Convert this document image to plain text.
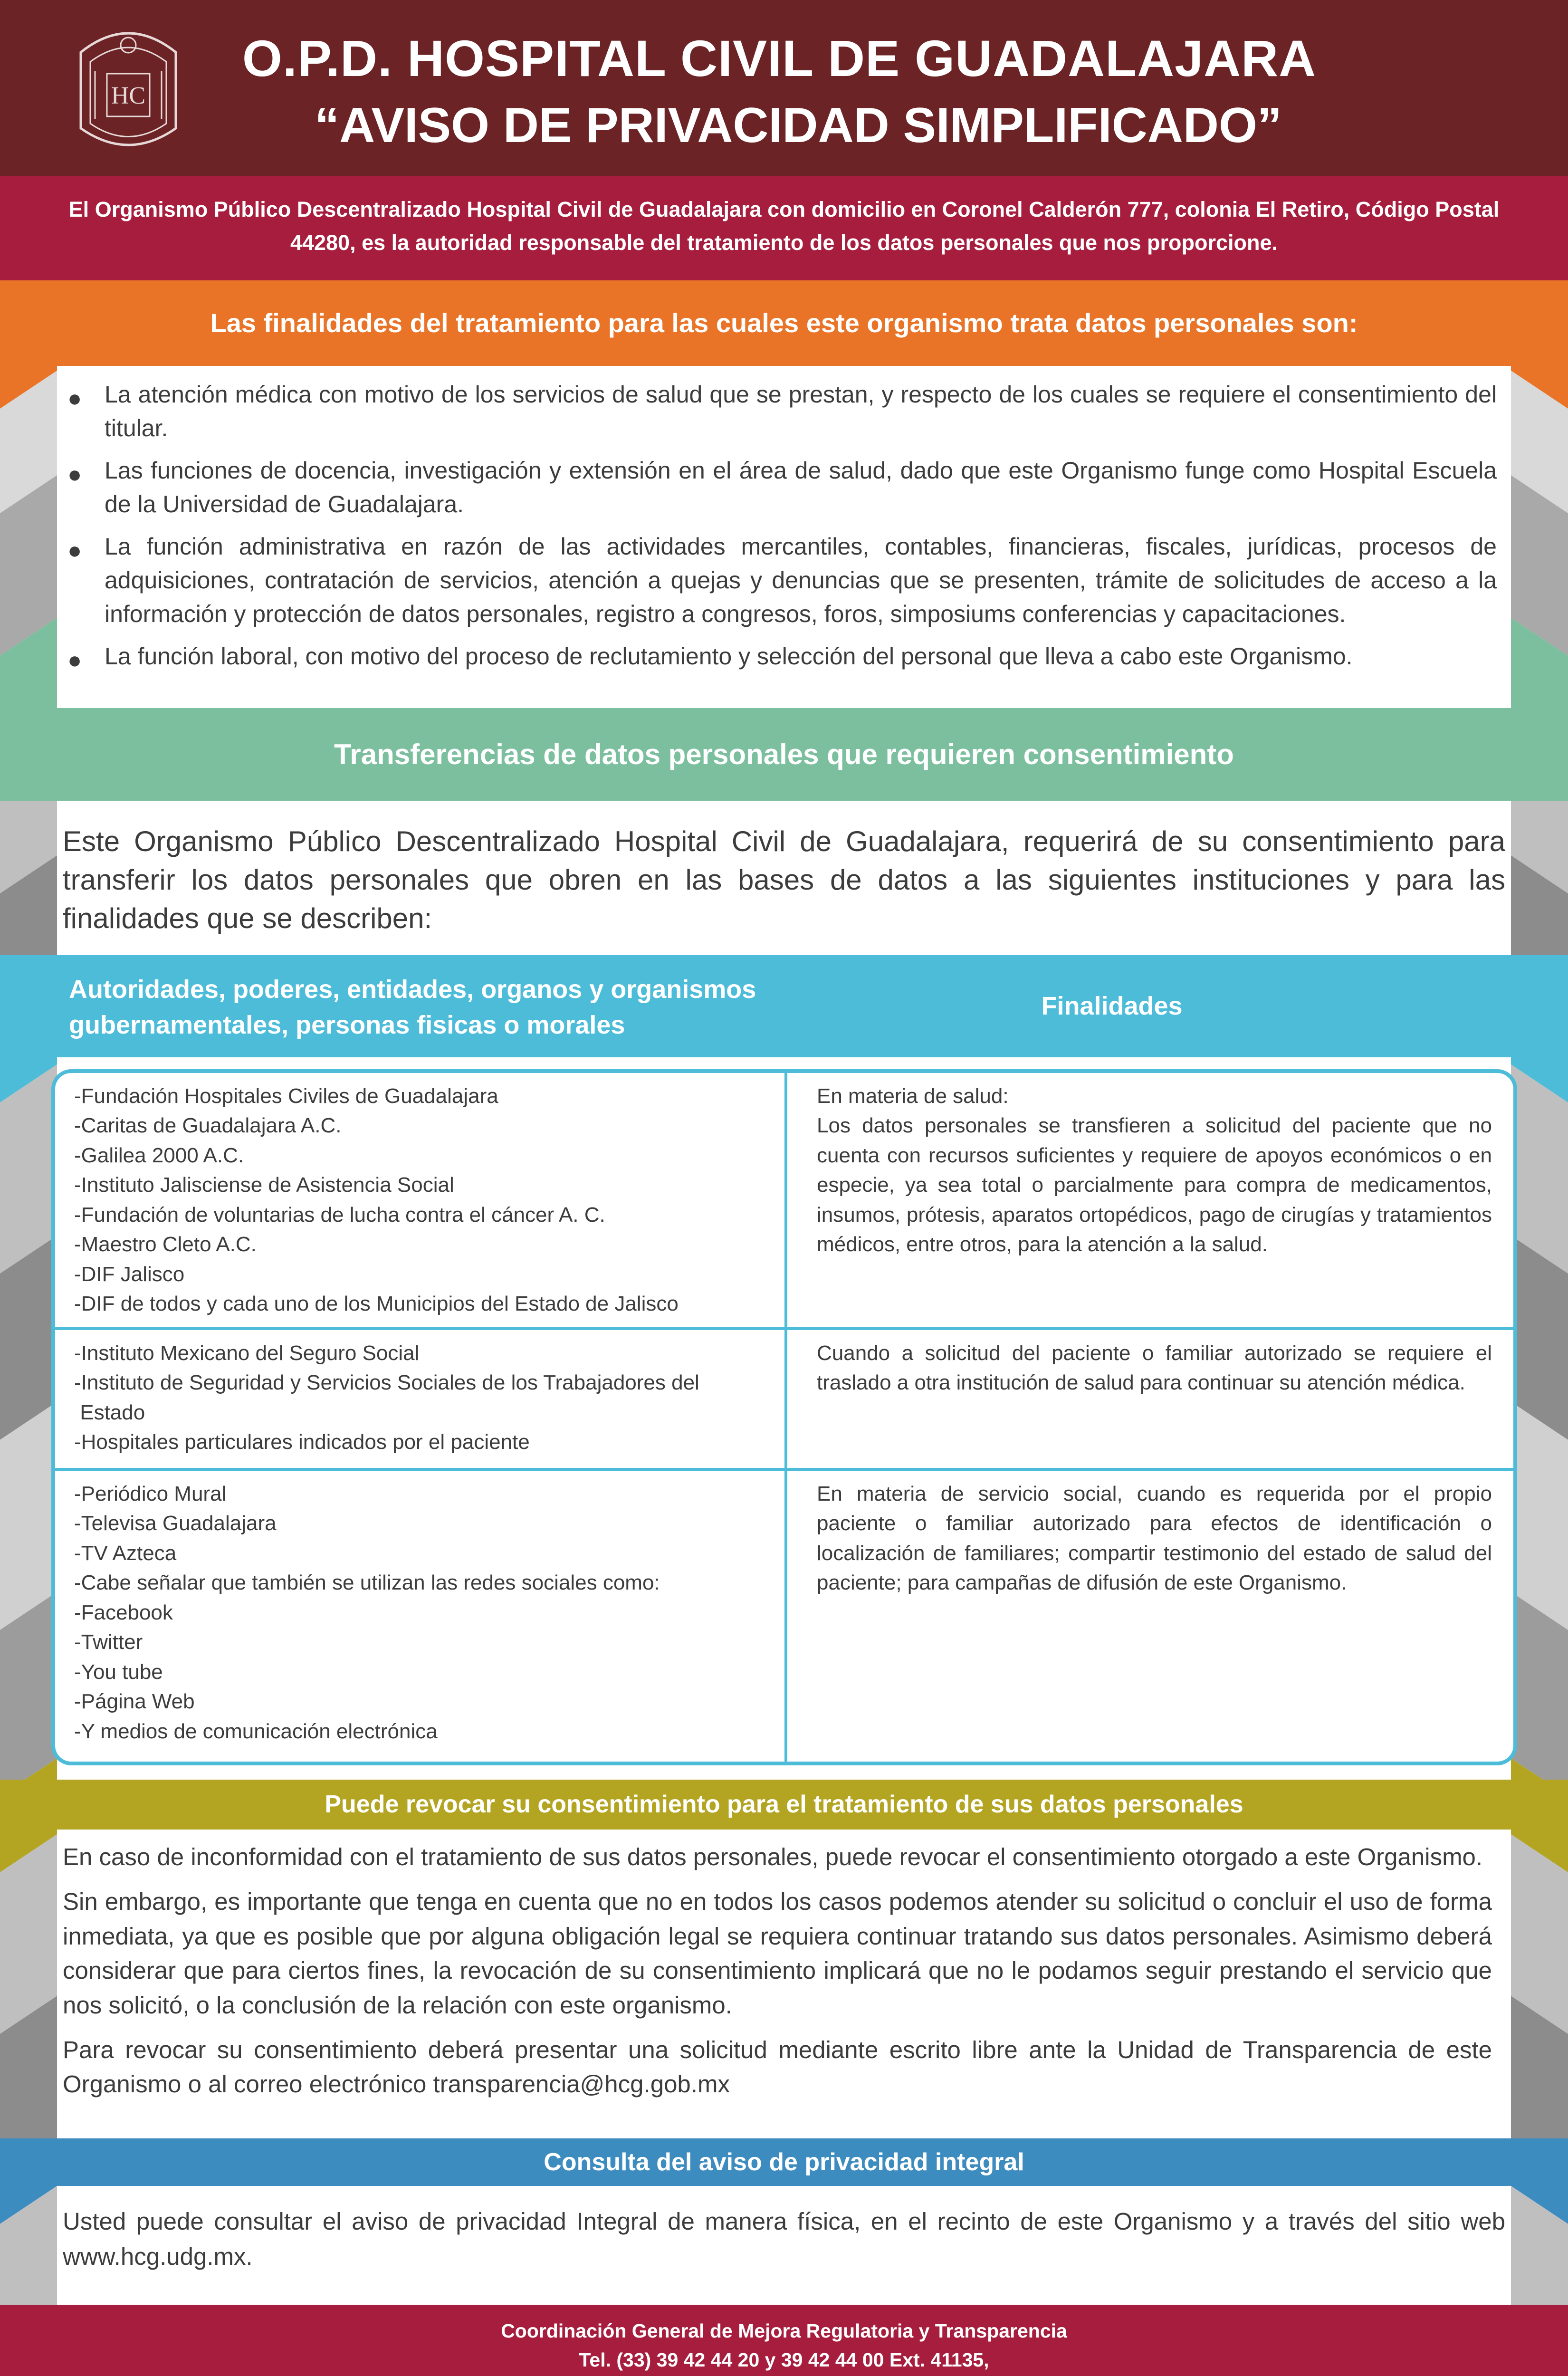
HC
O.P.D. HOSPITAL CIVIL DE GUADALAJARA
“AVISO DE PRIVACIDAD SIMPLIFICADO”
El Organismo Público Descentralizado Hospital Civil de Guadalajara con domicilio en Coronel Calderón 777, colonia El Retiro, Código Postal
44280, es la autoridad responsable del tratamiento de los datos personales que nos proporcione.
Las finalidades del tratamiento para las cuales este organismo trata datos personales son:
● La atención médica con motivo de los servicios de salud que se prestan, y respecto de los cuales se requiere el consentimiento del titular.
● Las funciones de docencia, investigación y extensión en el área de salud, dado que este Organismo funge como Hospital Escuela de la Universidad de Guadalajara.
● La función administrativa en razón de las actividades mercantiles, contables, financieras, fiscales, jurídicas, procesos de adquisiciones, contratación de servicios, atención a quejas y denuncias que se presenten, trámite de solicitudes de acceso a la información y protección de datos personales, registro a congresos, foros, simposiums conferencias y capacitaciones.
● La función laboral, con motivo del proceso de reclutamiento y selección del personal que lleva a cabo este Organismo.
Transferencias de datos personales que requieren consentimiento
Este Organismo Público Descentralizado Hospital Civil de Guadalajara, requerirá de su consentimiento para transferir los datos personales que obren en las bases de datos a las siguientes instituciones y para las finalidades que se describen:
Autoridades, poderes, entidades, organos y organismos gubernamentales, personas fisicas o morales
Finalidades
-Fundación Hospitales Civiles de Guadalajara
-Caritas de Guadalajara A.C.
-Galilea 2000 A.C.
-Instituto Jalisciense de Asistencia Social
-Fundación de voluntarias de lucha contra el cáncer A. C.
-Maestro Cleto A.C.
-DIF Jalisco
-DIF de todos y cada uno de los Municipios del Estado de Jalisco
En materia de salud:
Los datos personales se transfieren a solicitud del paciente que no cuenta con recursos suficientes y requiere de apoyos económicos o en especie, ya sea total o parcialmente para compra de medicamentos, insumos, prótesis, aparatos ortopédicos, pago de cirugías y tratamientos médicos, entre otros, para la atención a la salud.
-Instituto Mexicano del Seguro Social
-Instituto de Seguridad y Servicios Sociales de los Trabajadores del
Estado
-Hospitales particulares indicados por el paciente
Cuando a solicitud del paciente o familiar autorizado se requiere el traslado a otra institución de salud para continuar su atención médica.
-Periódico Mural
-Televisa Guadalajara
-TV Azteca
-Cabe señalar que también se utilizan las redes sociales como:
-Facebook
-Twitter
-You tube
-Página Web
-Y medios de comunicación electrónica
En materia de servicio social, cuando es requerida por el propio paciente o familiar autorizado para efectos de identificación o localización de familiares; compartir testimonio del estado de salud del paciente; para campañas de difusión de este Organismo.
Puede revocar su consentimiento para el tratamiento de sus datos personales

En caso de inconformidad con el tratamiento de sus datos personales, puede revocar el consentimiento otorgado a este Organismo.

Sin embargo, es importante que tenga en cuenta que no en todos los casos podemos atender su solicitud o concluir el uso de forma inmediata, ya que es posible que por alguna obligación legal se requiera continuar tratando sus datos personales. Asimismo deberá considerar que para ciertos fines, la revocación de su consentimiento implicará que no le podamos seguir prestando el servicio que nos solicitó, o la conclusión de la relación con este organismo.

Para revocar su consentimiento deberá presentar una solicitud mediante escrito libre ante la Unidad de Transparencia de este Organismo o al correo electrónico transparencia@hcg.gob.mx

Consulta del aviso de privacidad integral
Usted puede consultar el aviso de privacidad Integral de manera física, en el recinto de este Organismo y a través del sitio web www.hcg.udg.mx.
Coordinación General de Mejora Regulatoria y Transparencia
Tel. (33) 39 42 44 20 y 39 42 44 00 Ext. 41135,
